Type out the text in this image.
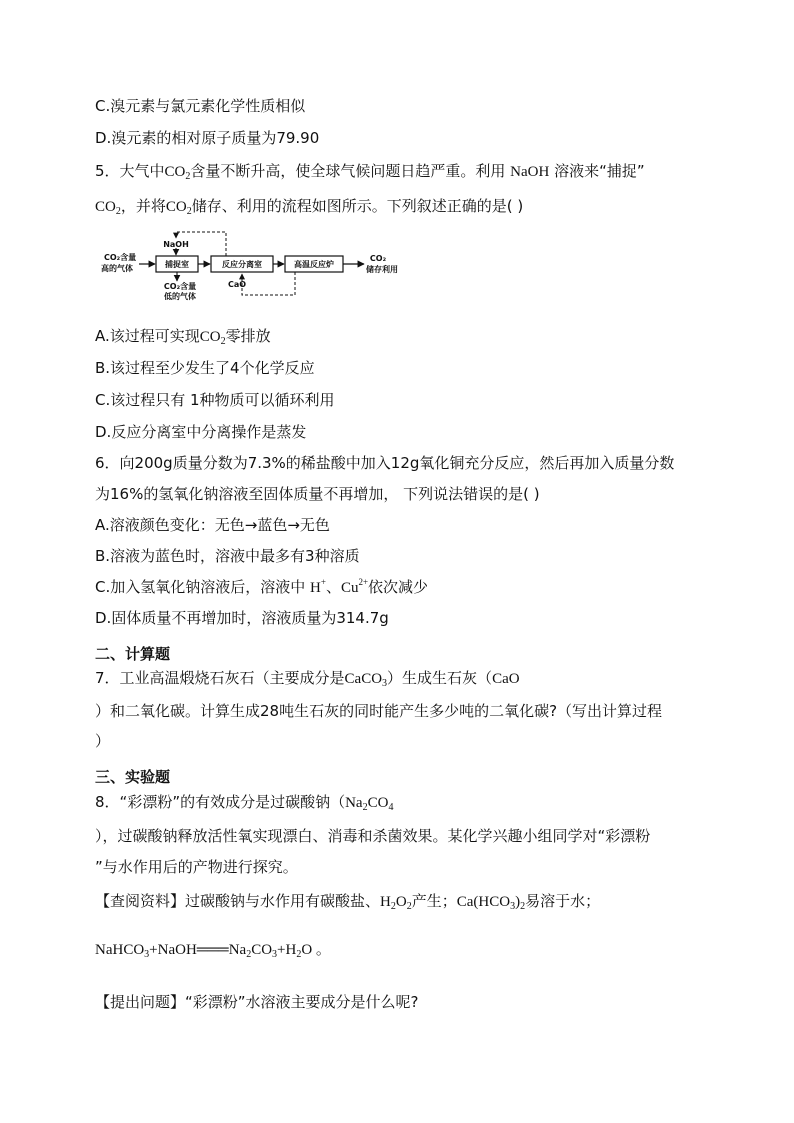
C.溴元素与氯元素化学性质相似
D.溴元素的相对原子质量为79.90
5．大气中$CO_2$含量不断升高，使全球气候问题日趋严重。利用 NaOH 溶液来“捕捉”
$CO_2$，并将$CO_2$储存、利用的流程如图所示。下列叙述正确的是( )
CO₂含量
高的气体	捕捉室
NaOH
CO₂含量
低的气体
反应分离室	高温反应炉
CaO
CO₂
储存利用
A.该过程可实现$CO_2$零排放
B.该过程至少发生了4个化学反应
C.该过程只有 1种物质可以循环利用
D.反应分离室中分离操作是蒸发
6．向200g质量分数为7.3%的稀盐酸中加入12g氧化铜充分反应，然后再加入质量分数
为16%的氢氧化钠溶液至固体质量不再增加， 下列说法错误的是( )
A.溶液颜色变化：无色→蓝色→无色
B.溶液为蓝色时，溶液中最多有3种溶质
C.加入氢氧化钠溶液后，溶液中 H+、$Cu^{2+}$依次减少
D.固体质量不再增加时，溶液质量为314.7g
二、计算题
7．工业高温煅烧石灰石（主要成分是CaCO$_3$）生成生石灰（CaO
）和二氧化碳。计算生成28吨生石灰的同时能产生多少吨的二氧化碳?（写出计算过程
）
三、实验题
8．“彩漂粉”的有效成分是过碳酸钠（$Na_2CO_4$
），过碳酸钠释放活性氧实现漂白、消毒和杀菌效果。某化学兴趣小组同学对“彩漂粉
”与水作用后的产物进行探究。
【查阅资料】过碳酸钠与水作用有碳酸盐、$H_2O_2$产生；$Ca(HCO_3)_2$易溶于水；
$NaHCO_3+NaOH═══Na_2CO_3+H_2O$ 。
【提出问题】“彩漂粉”水溶液主要成分是什么呢?
